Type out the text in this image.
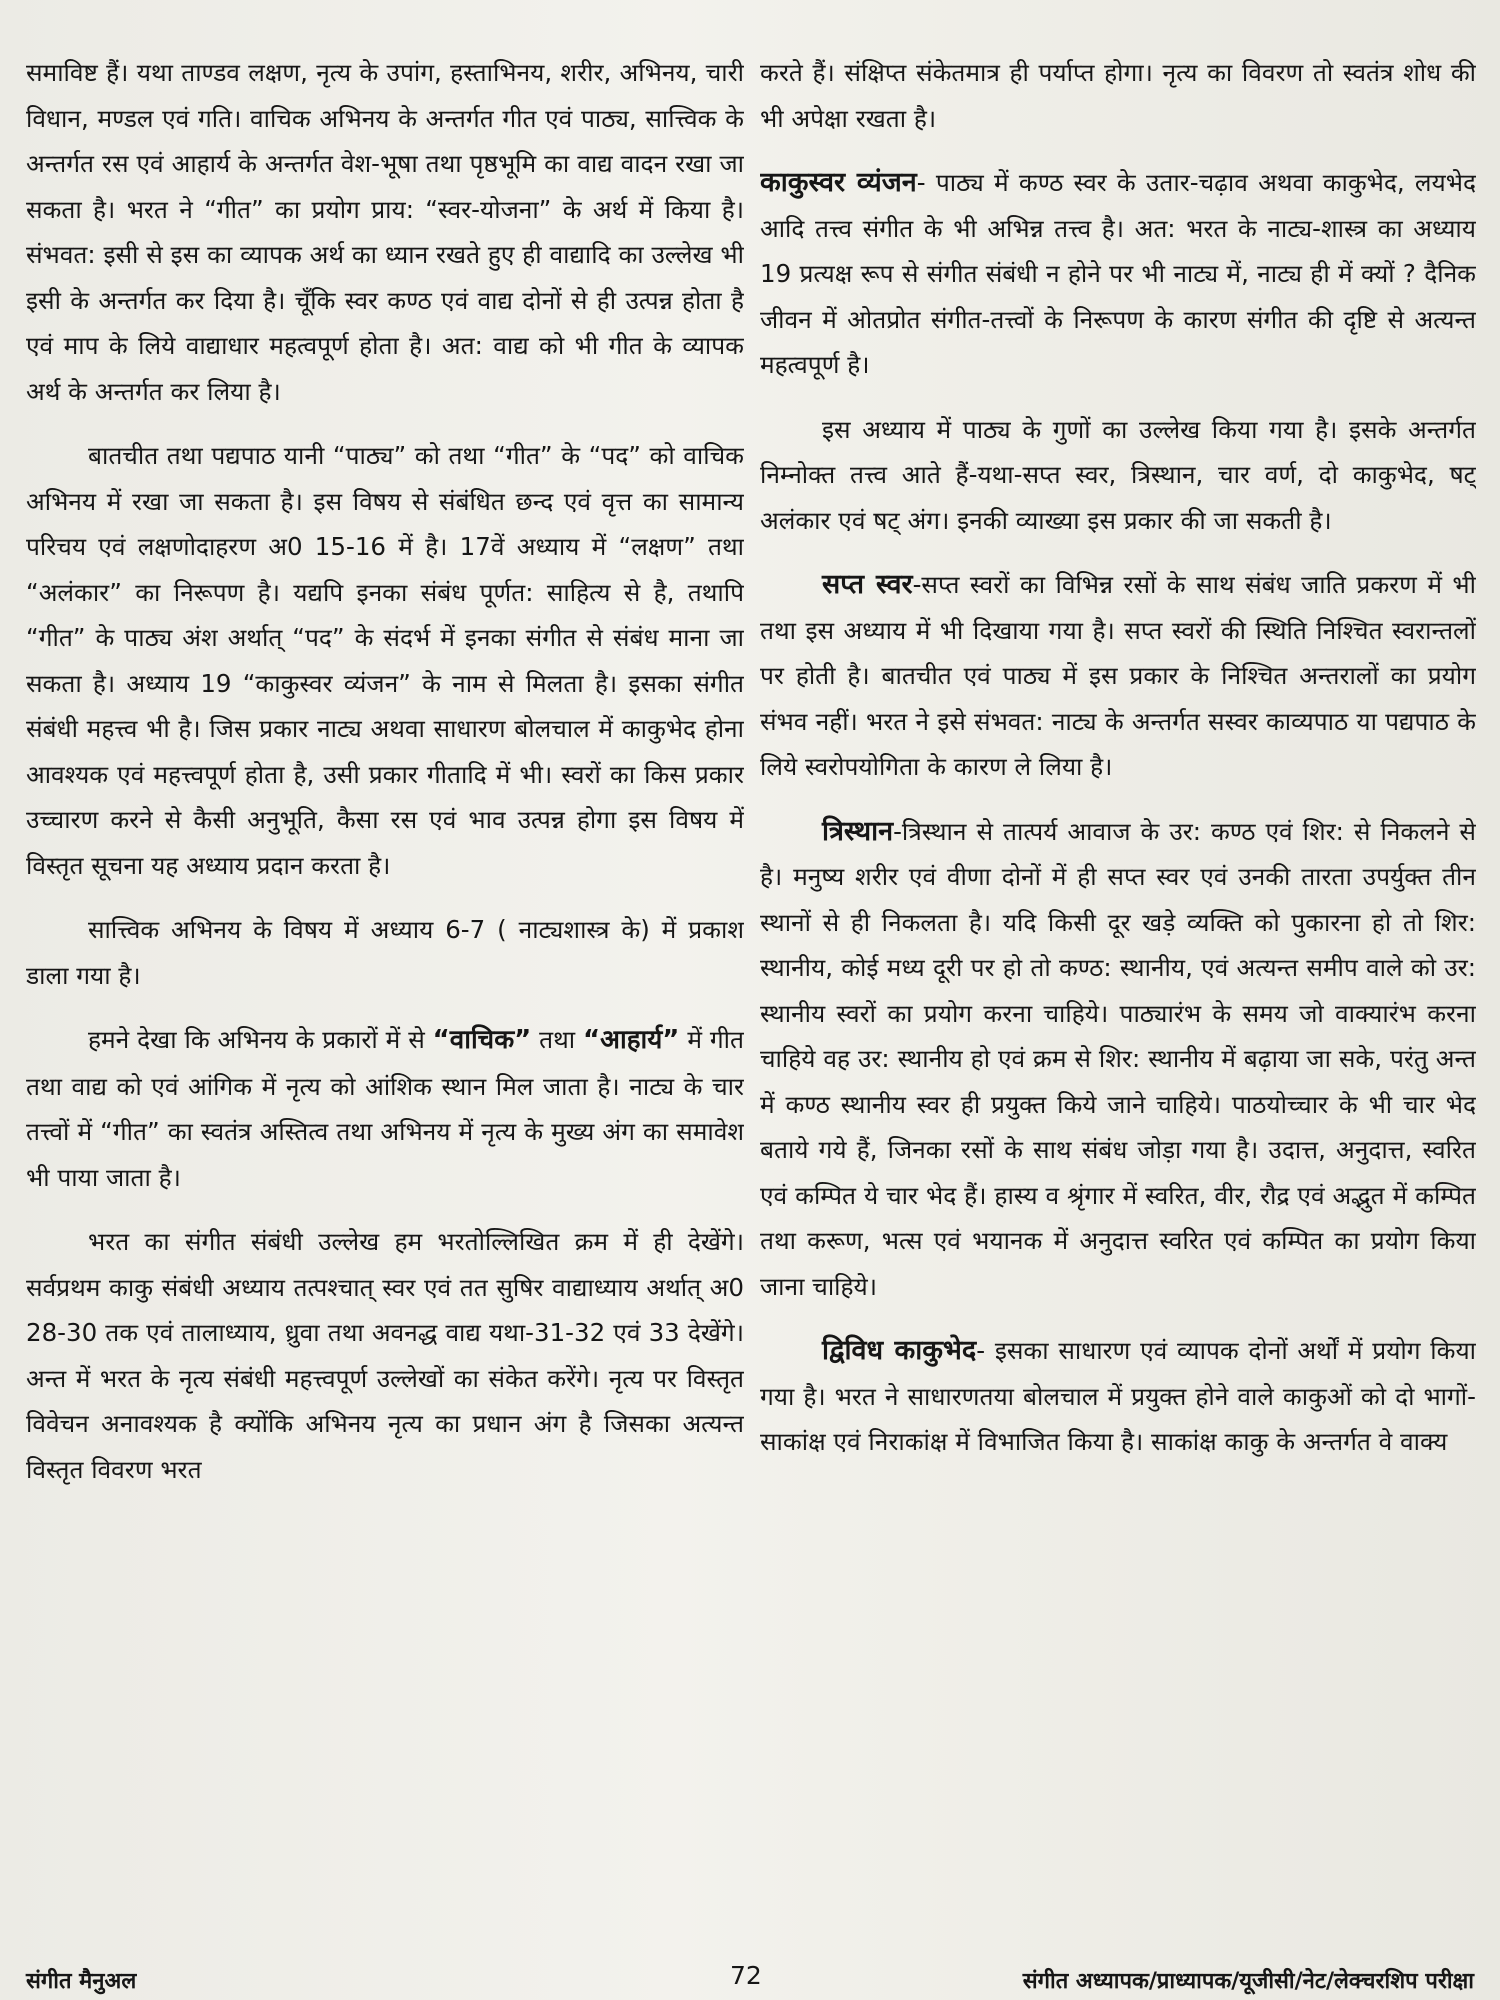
समाविष्ट हैं। यथा ताण्डव लक्षण, नृत्य के उपांग, हस्ताभिनय, शरीर, अभिनय, चारी विधान, मण्डल एवं गति। वाचिक अभिनय के अन्तर्गत गीत एवं पाठ्य, सात्त्विक के अन्तर्गत रस एवं आहार्य के अन्तर्गत वेश-भूषा तथा पृष्ठभूमि का वाद्य वादन रखा जा सकता है। भरत ने “गीत” का प्रयोग प्राय: “स्वर-योजना” के अर्थ में किया है। संभवत: इसी से इस का व्यापक अर्थ का ध्यान रखते हुए ही वाद्यादि का उल्लेख भी इसी के अन्तर्गत कर दिया है। चूँकि स्वर कण्ठ एवं वाद्य दोनों से ही उत्पन्न होता है एवं माप के लिये वाद्याधार महत्वपूर्ण होता है। अत: वाद्य को भी गीत के व्यापक अर्थ के अन्तर्गत कर लिया है।

बातचीत तथा पद्यपाठ यानी “पाठ्य” को तथा “गीत” के “पद” को वाचिक अभिनय में रखा जा सकता है। इस विषय से संबंधित छन्द एवं वृत्त का सामान्य परिचय एवं लक्षणोदाहरण अ0 15-16 में है। 17वें अध्याय में “लक्षण” तथा “अलंकार” का निरूपण है। यद्यपि इनका संबंध पूर्णत: साहित्य से है, तथापि “गीत” के पाठ्य अंश अर्थात् “पद” के संदर्भ में इनका संगीत से संबंध माना जा सकता है। अध्याय 19 “काकुस्वर व्यंजन” के नाम से मिलता है। इसका संगीत संबंधी महत्त्व भी है। जिस प्रकार नाट्य अथवा साधारण बोलचाल में काकुभेद होना आवश्यक एवं महत्त्वपूर्ण होता है, उसी प्रकार गीतादि में भी। स्वरों का किस प्रकार उच्चारण करने से कैसी अनुभूति, कैसा रस एवं भाव उत्पन्न होगा इस विषय में विस्तृत सूचना यह अध्याय प्रदान करता है।

सात्त्विक अभिनय के विषय में अध्याय 6-7 ( नाट्यशास्त्र के) में प्रकाश डाला गया है।

हमने देखा कि अभिनय के प्रकारों में से “वाचिक” तथा “आहार्य” में गीत तथा वाद्य को एवं आंगिक में नृत्य को आंशिक स्थान मिल जाता है। नाट्य के चार तत्त्वों में “गीत” का स्वतंत्र अस्तित्व तथा अभिनय में नृत्य के मुख्य अंग का समावेश भी पाया जाता है।

भरत का संगीत संबंधी उल्लेख हम भरतोल्लिखित क्रम में ही देखेंगे। सर्वप्रथम काकु संबंधी अध्याय तत्पश्चात् स्वर एवं तत सुषिर वाद्याध्याय अर्थात् अ0 28-30 तक एवं तालाध्याय, ध्रुवा तथा अवनद्ध वाद्य यथा-31-32 एवं 33 देखेंगे। अन्त में भरत के नृत्य संबंधी महत्त्वपूर्ण उल्लेखों का संकेत करेंगे। नृत्य पर विस्तृत विवेचन अनावश्यक है क्योंकि अभिनय नृत्य का प्रधान अंग है जिसका अत्यन्त विस्तृत विवरण भरत

करते हैं। संक्षिप्त संकेतमात्र ही पर्याप्त होगा। नृत्य का विवरण तो स्वतंत्र शोध की भी अपेक्षा रखता है।

काकुस्वर व्यंजन- पाठ्य में कण्ठ स्वर के उतार-चढ़ाव अथवा काकुभेद, लयभेद आदि तत्त्व संगीत के भी अभिन्न तत्त्व है। अत: भरत के नाट्य-शास्त्र का अध्याय 19 प्रत्यक्ष रूप से संगीत संबंधी न होने पर भी नाट्य में, नाट्य ही में क्यों ? दैनिक जीवन में ओतप्रोत संगीत-तत्त्वों के निरूपण के कारण संगीत की दृष्टि से अत्यन्त महत्वपूर्ण है।

इस अध्याय में पाठ्य के गुणों का उल्लेख किया गया है। इसके अन्तर्गत निम्नोक्त तत्त्व आते हैं-यथा-सप्त स्वर, त्रिस्थान, चार वर्ण, दो काकुभेद, षट् अलंकार एवं षट् अंग। इनकी व्याख्या इस प्रकार की जा सकती है।

सप्त स्वर-सप्त स्वरों का विभिन्न रसों के साथ संबंध जाति प्रकरण में भी तथा इस अध्याय में भी दिखाया गया है। सप्त स्वरों की स्थिति निश्चित स्वरान्तलों पर होती है। बातचीत एवं पाठ्य में इस प्रकार के निश्चित अन्तरालों का प्रयोग संभव नहीं। भरत ने इसे संभवत: नाट्य के अन्तर्गत सस्वर काव्यपाठ या पद्यपाठ के लिये स्वरोपयोगिता के कारण ले लिया है।

त्रिस्थान-त्रिस्थान से तात्पर्य आवाज के उर: कण्ठ एवं शिर: से निकलने से है। मनुष्य शरीर एवं वीणा दोनों में ही सप्त स्वर एवं उनकी तारता उपर्युक्त तीन स्थानों से ही निकलता है। यदि किसी दूर खड़े व्यक्ति को पुकारना हो तो शिर: स्थानीय, कोई मध्य दूरी पर हो तो कण्ठ: स्थानीय, एवं अत्यन्त समीप वाले को उर: स्थानीय स्वरों का प्रयोग करना चाहिये। पाठ्यारंभ के समय जो वाक्यारंभ करना चाहिये वह उर: स्थानीय हो एवं क्रम से शिर: स्थानीय में बढ़ाया जा सके, परंतु अन्त में कण्ठ स्थानीय स्वर ही प्रयुक्त किये जाने चाहिये। पाठयोच्चार के भी चार भेद बताये गये हैं, जिनका रसों के साथ संबंध जोड़ा गया है। उदात्त, अनुदात्त, स्वरित एवं कम्पित ये चार भेद हैं। हास्य व श्रृंगार में स्वरित, वीर, रौद्र एवं अद्भुत में कम्पित तथा करूण, भत्स एवं भयानक में अनुदात्त स्वरित एवं कम्पित का प्रयोग किया जाना चाहिये।

द्विविध काकुभेद- इसका साधारण एवं व्यापक दोनों अर्थों में प्रयोग किया गया है। भरत ने साधारणतया बोलचाल में प्रयुक्त होने वाले काकुओं को दो भागों-साकांक्ष एवं निराकांक्ष में विभाजित किया है। साकांक्ष काकु के अन्तर्गत वे वाक्य

संगीत मैनुअल	72	संगीत अध्यापक/प्राध्यापक/यूजीसी/नेट/लेक्चरशिप परीक्षा
